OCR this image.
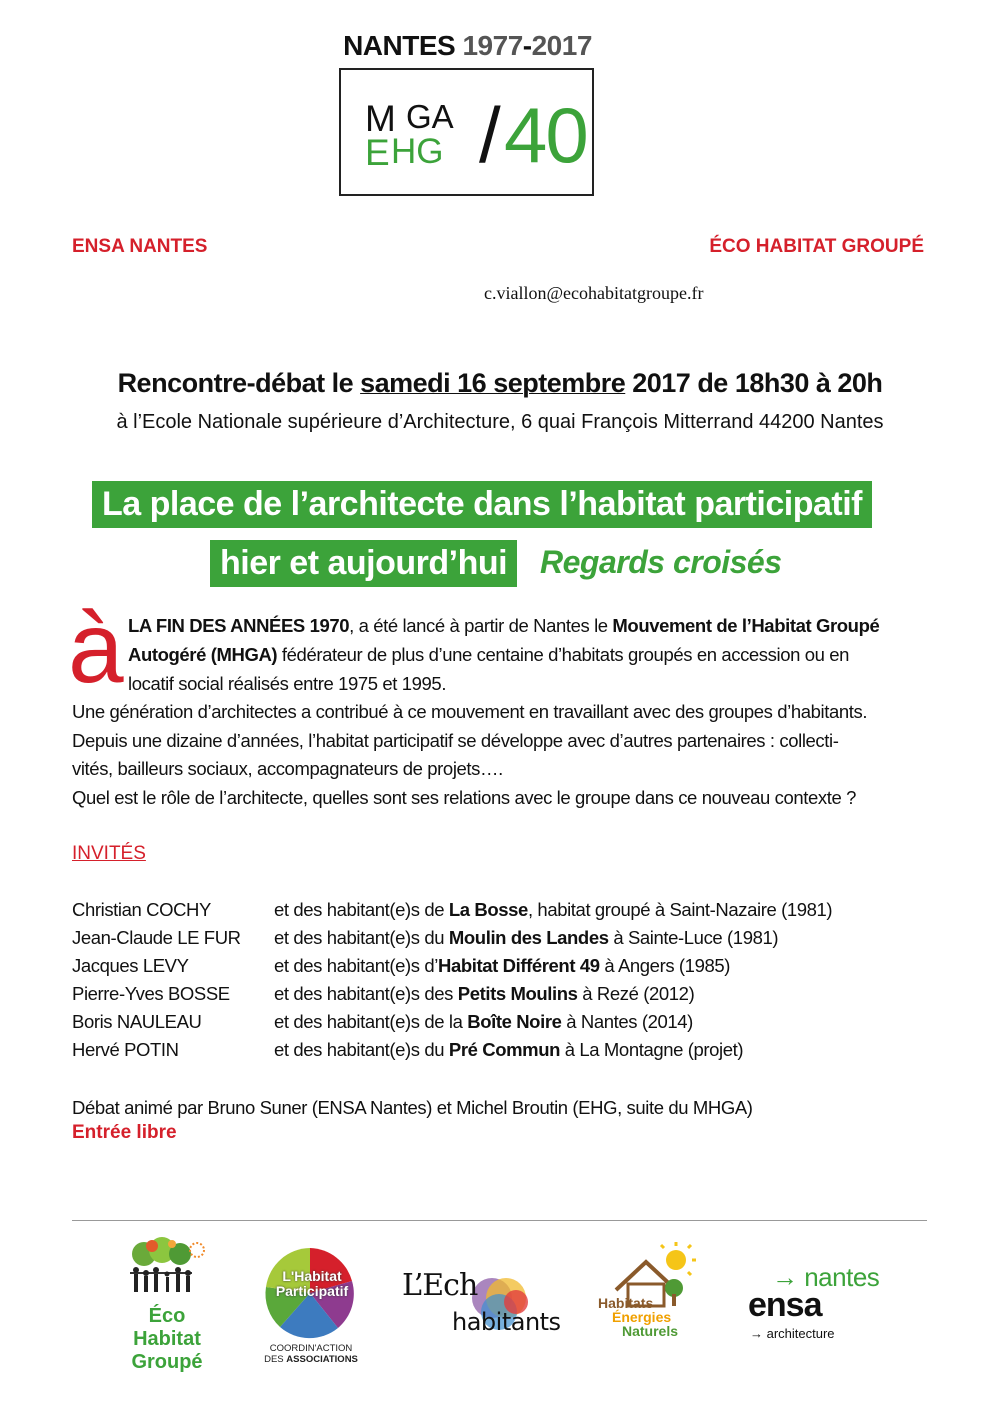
NANTES 1977-2017
M GA
E HG / 40
ENSA NANTES	ÉCO HABITAT GROUPÉ
c.viallon@ecohabitatgroupe.fr
Rencontre-débat le samedi 16 septembre 2017 de 18h30 à 20h
à l’Ecole Nationale supérieure d’Architecture, 6 quai François Mitterrand 44200 Nantes
La place de l’architecte dans l’habitat participatif
hier et aujourd’hui	Regards croisés
à LA FIN DES ANNÉES 1970, a été lancé à partir de Nantes le Mouvement de l’Habitat Groupé
Autogéré (MHGA) fédérateur de plus d’une centaine d’habitats groupés en accession ou en
locatif social réalisés entre 1975 et 1995.
Une génération d’architectes a contribué à ce mouvement en travaillant avec des groupes d’habitants.
Depuis une dizaine d’années, l’habitat participatif se développe avec d’autres partenaires : collecti-
vités, bailleurs sociaux, accompagnateurs de projets….
Quel est le rôle de l’architecte, quelles sont ses relations avec le groupe dans ce nouveau contexte ?
INVITÉS
Christian COCHY	et des habitant(e)s de La Bosse, habitat groupé à Saint-Nazaire (1981)
Jean-Claude LE FUR et des habitant(e)s du Moulin des Landes à Sainte-Luce (1981)
Jacques LEVY	et des habitant(e)s d’Habitat Différent 49 à Angers (1985)
Pierre-Yves BOSSE et des habitant(e)s des Petits Moulins à Rezé (2012)
Boris NAULEAU	et des habitant(e)s de la Boîte Noire à Nantes (2014)
Hervé POTIN	et des habitant(e)s du Pré Commun à La Montagne (projet)
Débat animé par Bruno Suner (ENSA Nantes) et Michel Broutin (EHG, suite du MHGA)
Entrée libre
Éco
Habitat
Groupé
L'Habitat
Participatif
COORDIN'ACTION
DES ASSOCIATIONS
L’Ech
habitants
Habitats
Énergies
Naturels
→ nantes
ensa
→ architecture
